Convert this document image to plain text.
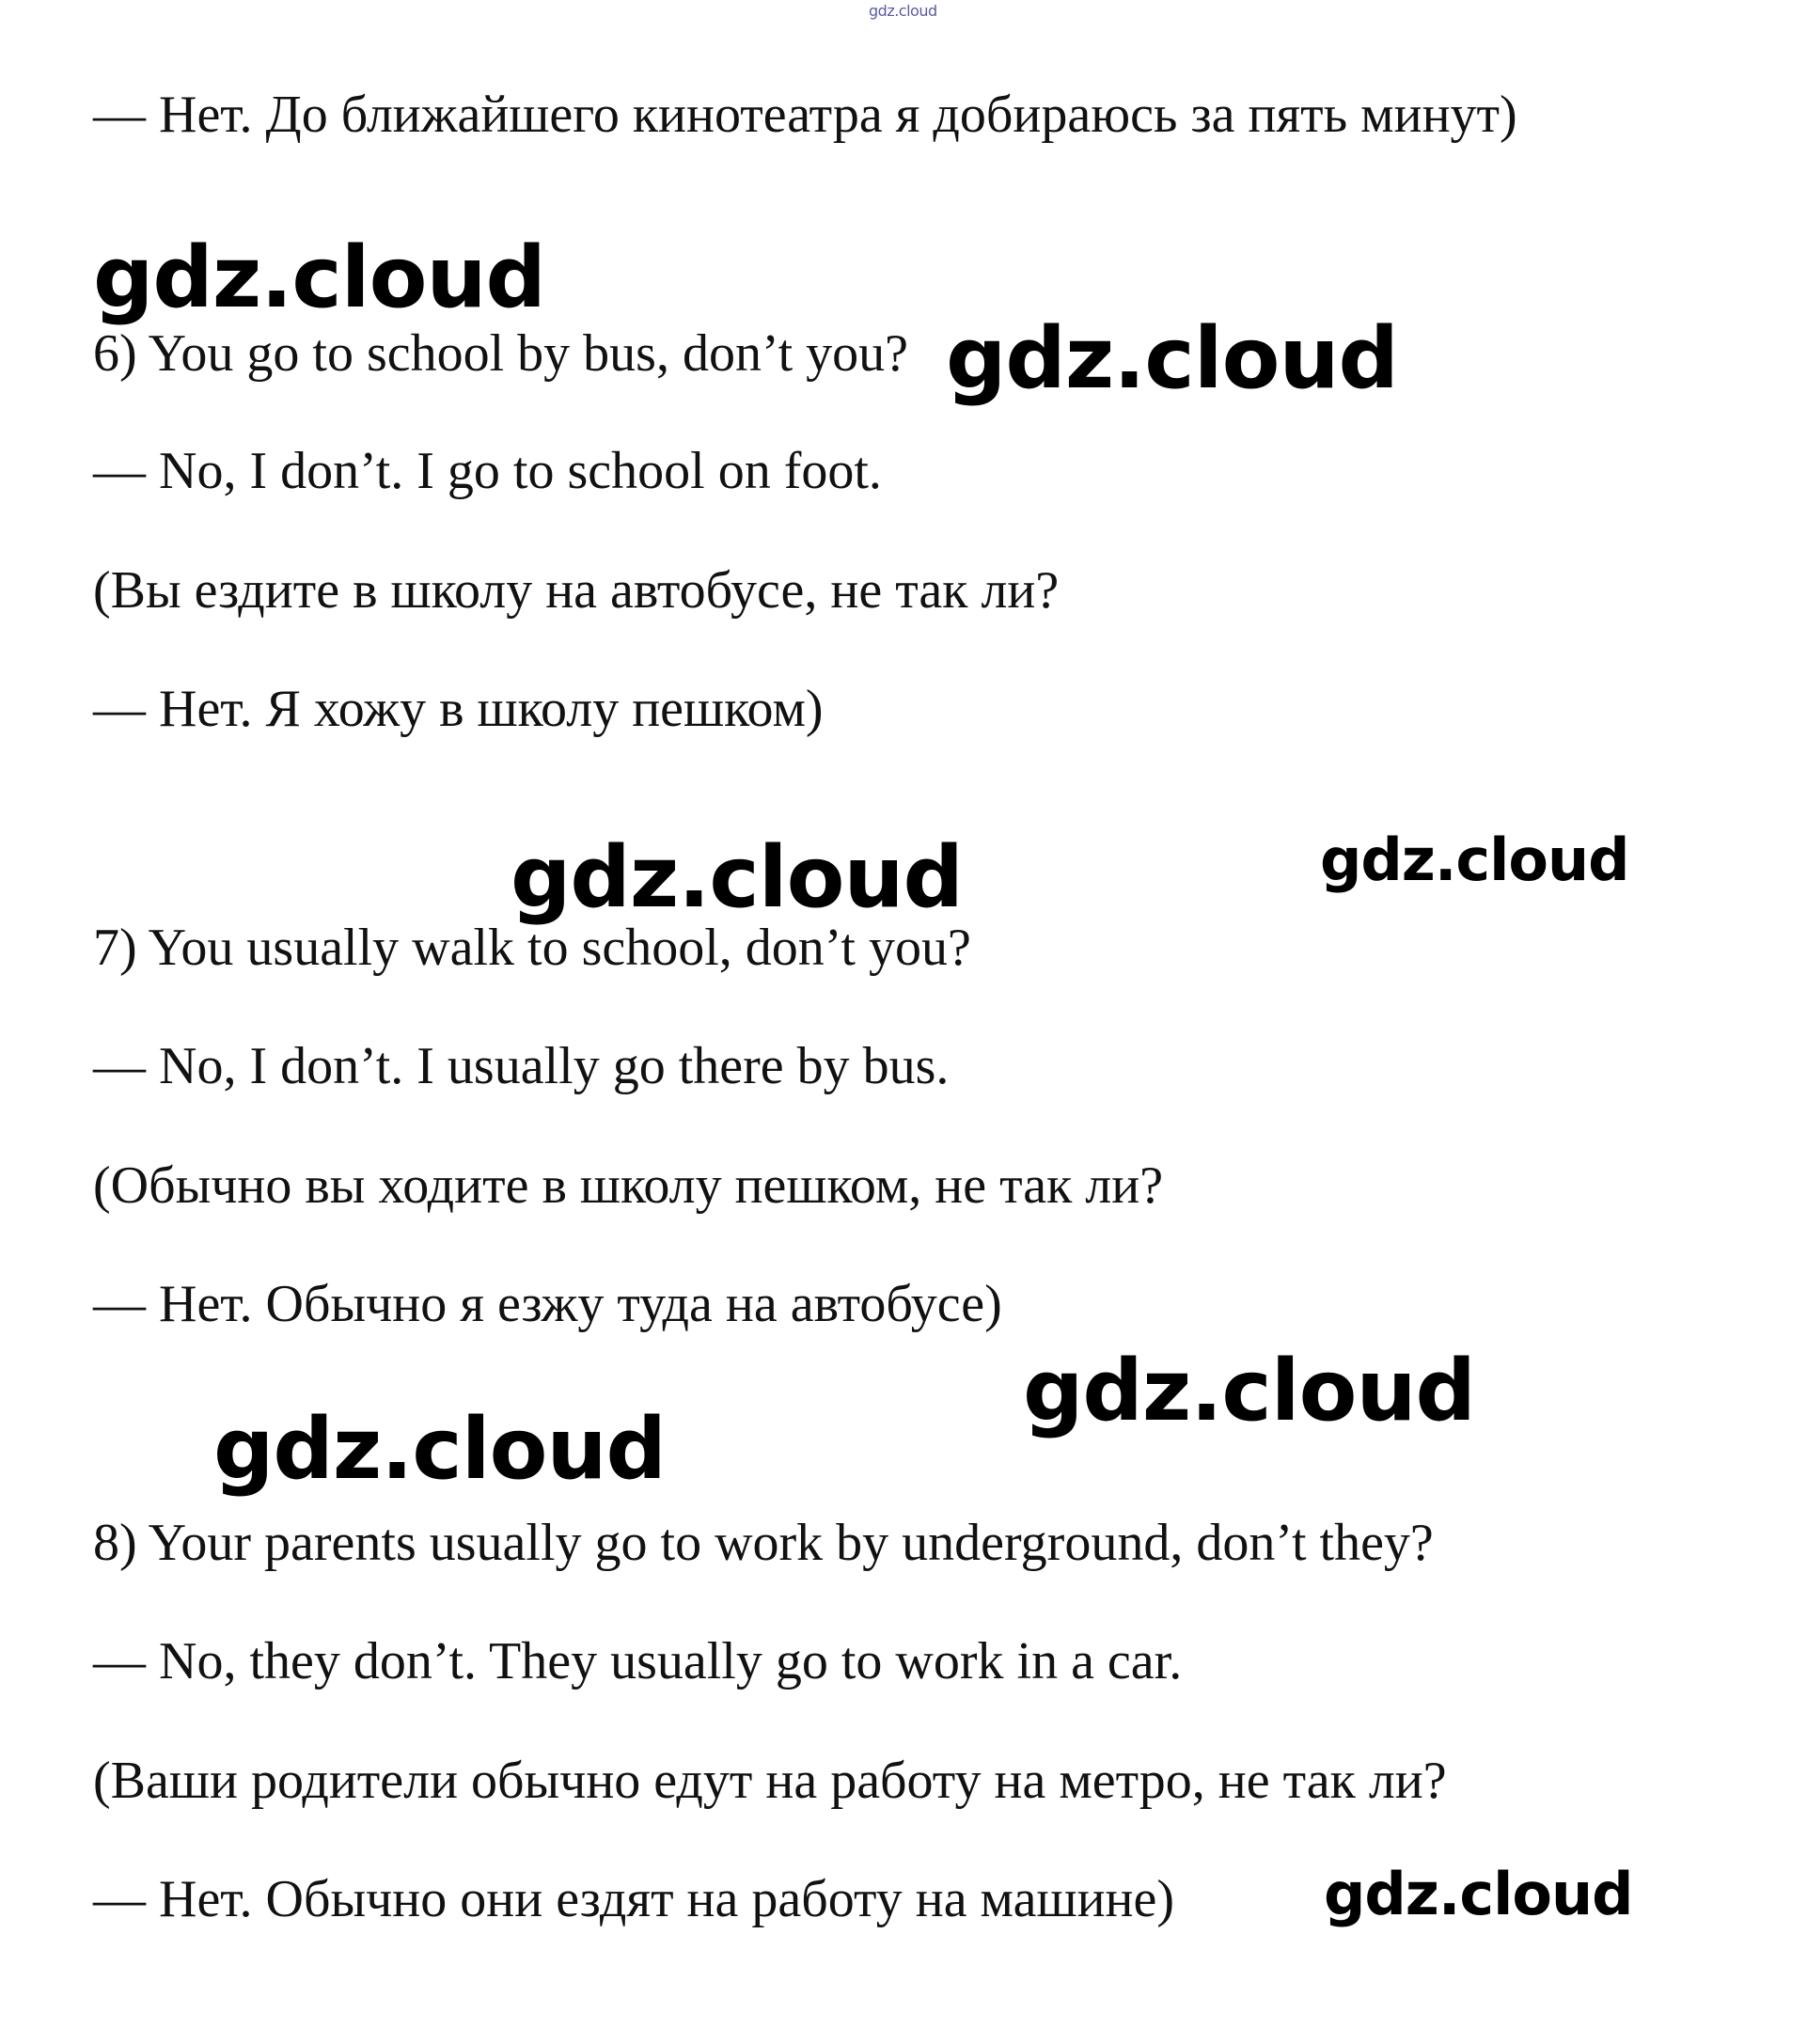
gdz.cloud
— Нет. До ближайшего кинотеатра я добираюсь за пять минут)
gdz.cloud
6) You go to school by bus, don’t you? gdz.cloud
— No, I don’t. I go to school on foot.
(Вы ездите в школу на автобусе, не так ли?
— Нет. Я хожу в школу пешком)
gdz.cloud	gdz.cloud
7) You usually walk to school, don’t you?
— No, I don’t. I usually go there by bus.
(Обычно вы ходите в школу пешком, не так ли?
— Нет. Обычно я езжу туда на автобусе)
gdz.cloud
gdz.cloud
8) Your parents usually go to work by underground, don’t they?
— No, they don’t. They usually go to work in a car.
(Ваши родители обычно едут на работу на метро, не так ли?
— Нет. Обычно они ездят на работу на машине)	gdz.cloud
